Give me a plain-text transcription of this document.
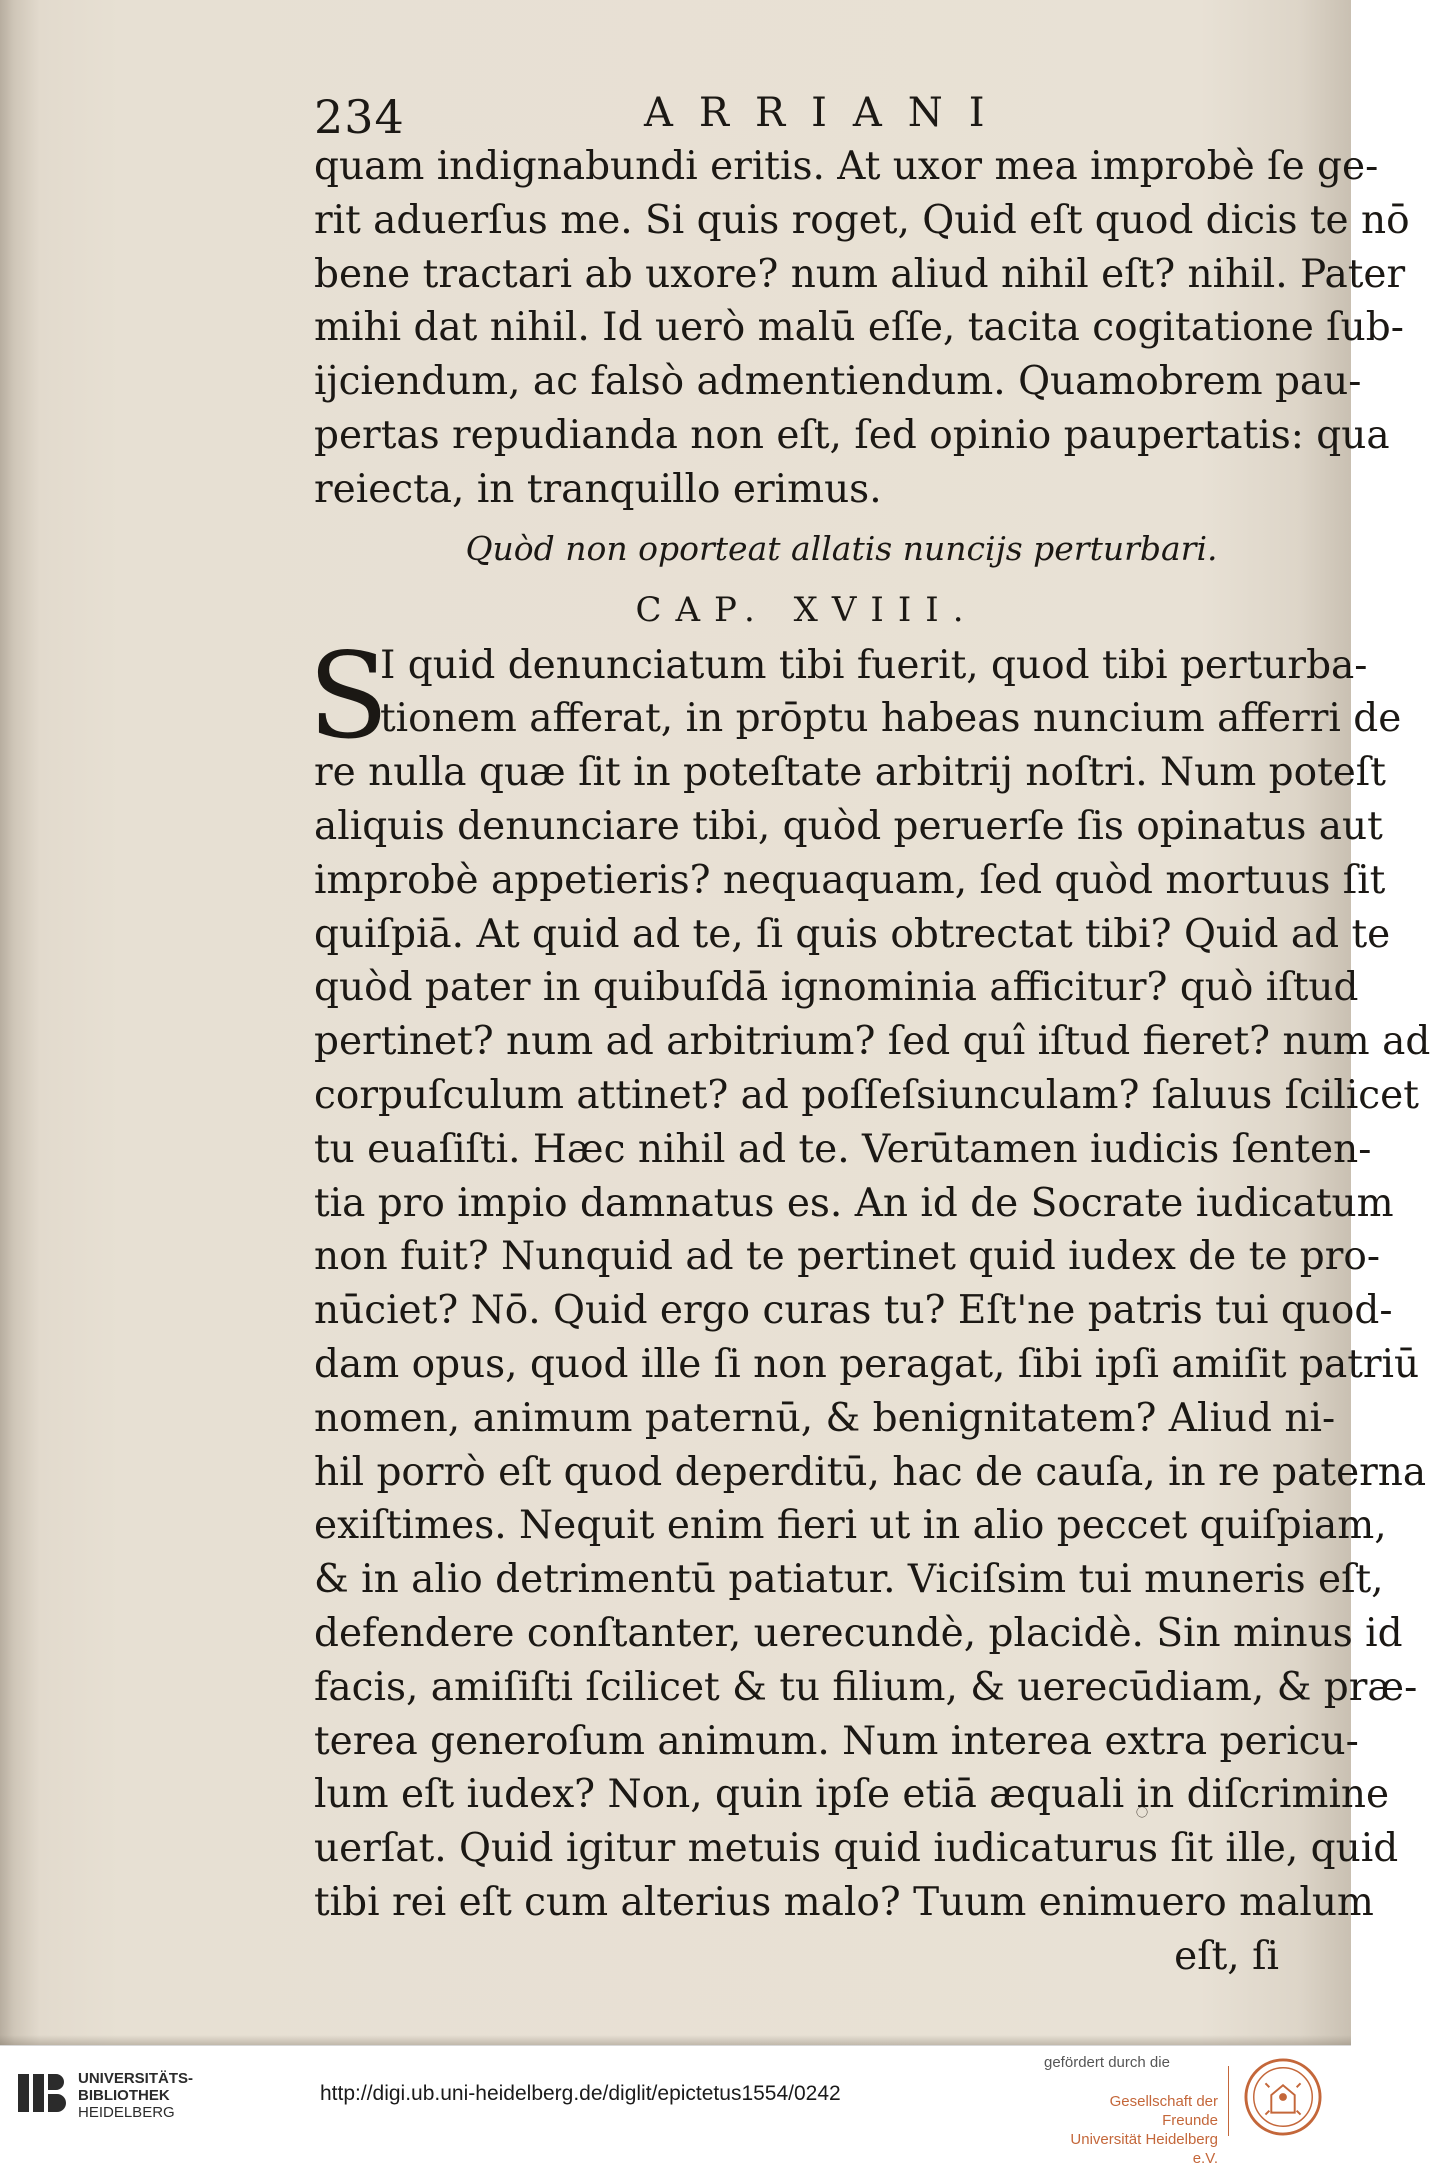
234	ARRIANI
quam indignabundi eritis. At uxor mea improbè ſe ge-
rit aduerſus me. Si quis roget, Quid eſt quod dicis te nō
bene tractari ab uxore? num aliud nihil eſt? nihil. Pater
mihi dat nihil. Id uerò malū eſſe, tacita cogitatione ſub-
ijciendum, ac falsò admentiendum. Quamobrem pau-
pertas repudianda non eſt, ſed opinio paupertatis: qua
reiecta, in tranquillo erimus.
Quòd non oporteat allatis nuncijs perturbari.
CAP. XVIII.
S
I quid denunciatum tibi fuerit, quod tibi perturba-
tionem afferat, in prōptu habeas nuncium afferri de
re nulla quæ ſit in poteſtate arbitrij noſtri. Num poteſt
aliquis denunciare tibi, quòd peruerſe ſis opinatus aut
improbè appetieris? nequaquam, ſed quòd mortuus ſit
quiſpiā. At quid ad te, ſi quis obtrectat tibi? Quid ad te
quòd pater in quibuſdā ignominia afficitur? quò iſtud
pertinet? num ad arbitrium? ſed quî iſtud fieret? num ad
corpuſculum attinet? ad poſſeſsiunculam? ſaluus ſcilicet
tu euaſiſti. Hæc nihil ad te. Verūtamen iudicis ſenten-
tia pro impio damnatus es. An id de Socrate iudicatum
non fuit? Nunquid ad te pertinet quid iudex de te pro-
nūciet? Nō. Quid ergo curas tu? Eſt'ne patris tui quod-
dam opus, quod ille ſi non peragat, ſibi ipſi amiſit patriū
nomen, animum paternū, & benignitatem? Aliud ni-
hil porrò eſt quod deperditū, hac de cauſa, in re paterna
exiſtimes. Nequit enim fieri ut in alio peccet quiſpiam,
& in alio detrimentū patiatur. Viciſsim tui muneris eſt,
defendere conſtanter, uerecundè, placidè. Sin minus id
facis, amiſiſti ſcilicet & tu filium, & uerecūdiam, & præ-
terea generoſum animum. Num interea extra pericu-
lum eſt iudex? Non, quin ipſe etiā æquali in diſcrimine
uerſat. Quid igitur metuis quid iudicaturus ſit ille, quid
tibi rei eſt cum alterius malo? Tuum enimuero malum
eſt, ſi
UNIVERSITÄTS-
BIBLIOTHEK
HEIDELBERG
http://digi.ub.uni-heidelberg.de/diglit/epictetus1554/0242
gefördert durch die
Gesellschaft der Freunde
Universität Heidelberg e.V.
